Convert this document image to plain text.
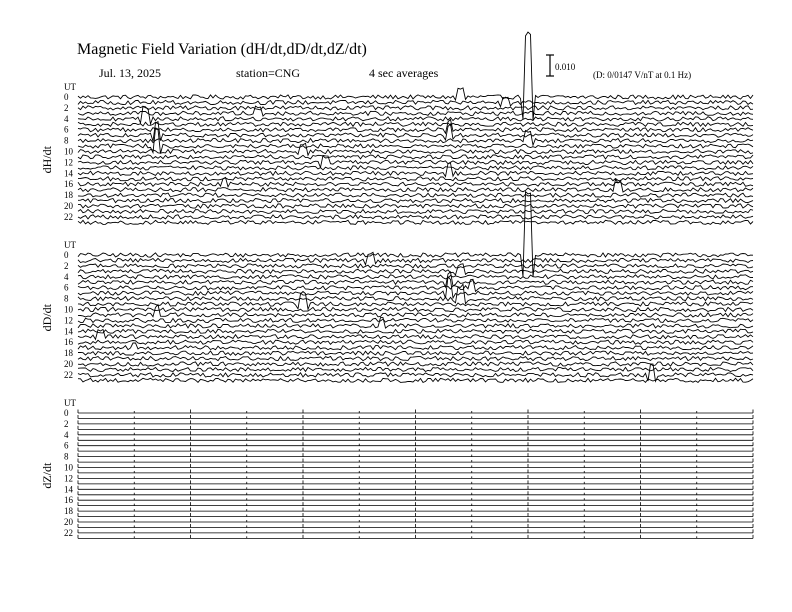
Magnetic Field Variation (dH/dt,dD/dt,dZ/dt)
Jul. 13, 2025	station=CNG	4 sec averages	0.010
(D: 0/0147 V/nT at 0.1 Hz)
UT
dH/dt
0
2
4
6
8
10
12
14
16
18
20
22
UT
dD/dt
0
2
4
6
8
10
12
14
16
18
20
22
UT
dZ/dt
0
2
4
6
8
10
12
14
16
18
20
22
